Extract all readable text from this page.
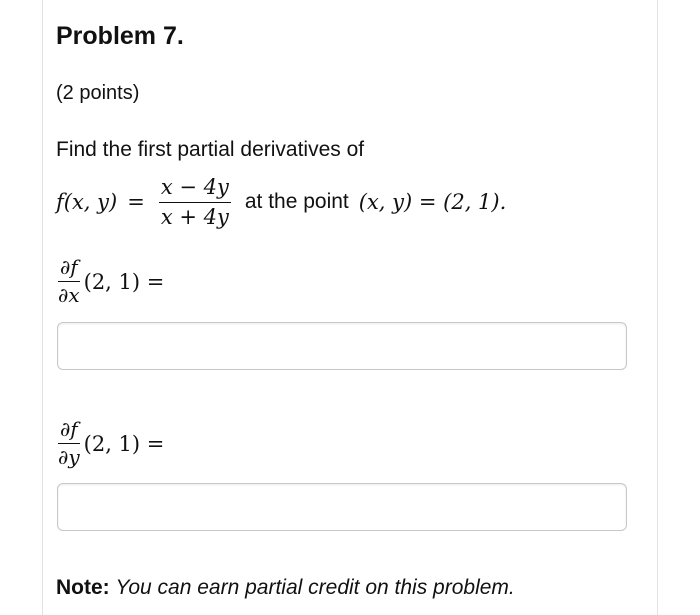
Problem 7.
(2 points)
Find the first partial derivatives of
f(x, $y) = \frac{x - 4y}{x + 4y}$ at the point (x, y) = (2, 1).
$\frac{\partial f}{\partial x} (2$, 1) =
$\frac{\partial f}{\partial y} (2$, 1) =
Note: You can earn partial credit on this problem.
